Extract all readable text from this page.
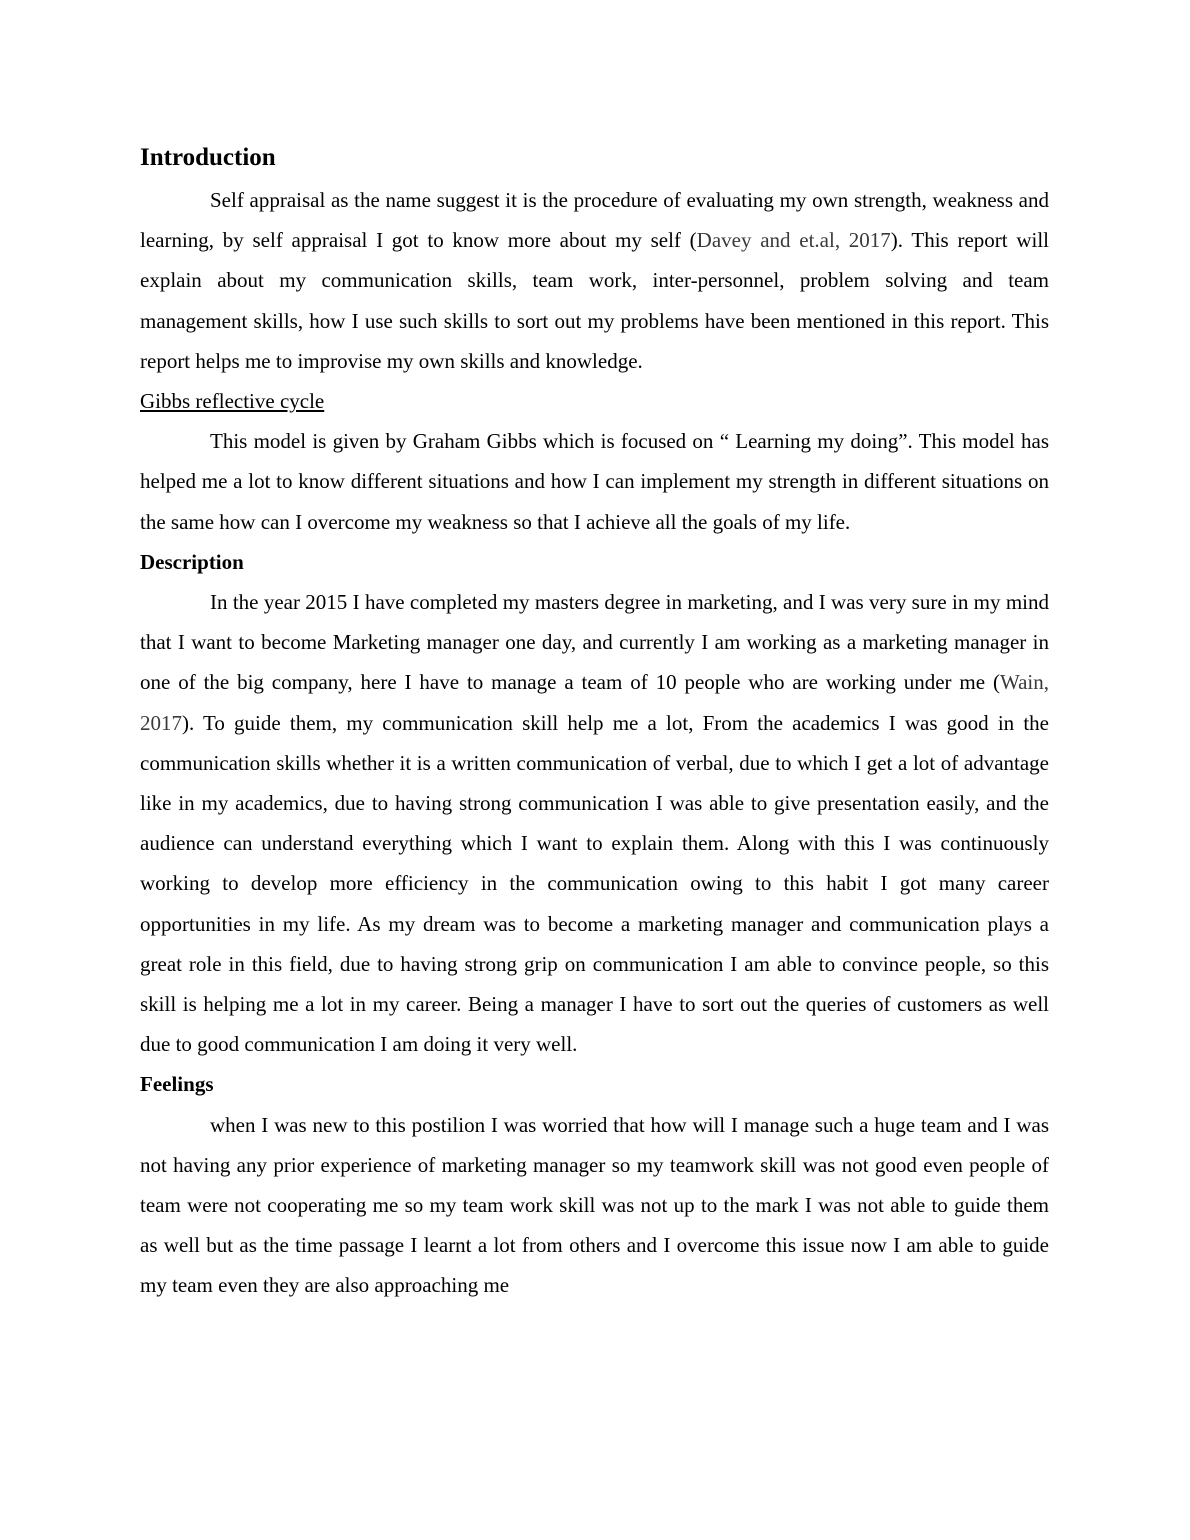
Introduction

Self appraisal as the name suggest it is the procedure of evaluating my own strength, weakness and learning, by self appraisal I got to know more about my self (Davey and et.al, 2017). This report will explain about my communication skills, team work, inter-personnel, problem solving and team management skills, how I use such skills to sort out my problems have been mentioned in this report. This report helps me to improvise my own skills and knowledge.

Gibbs reflective cycle

This model is given by Graham Gibbs which is focused on “ Learning my doing”. This model has helped me a lot to know different situations and how I can implement my strength in different situations on the same how can I overcome my weakness so that I achieve all the goals of my life.

Description

In the year 2015 I have completed my masters degree in marketing, and I was very sure in my mind that I want to become Marketing manager one day, and currently I am working as a marketing manager in one of the big company, here I have to manage a team of 10 people who are working under me (Wain, 2017). To guide them, my communication skill help me a lot, From the academics I was good in the communication skills whether it is a written communication of verbal, due to which I get a lot of advantage like in my academics, due to having strong communication I was able to give presentation easily, and the audience can understand everything which I want to explain them. Along with this I was continuously working to develop more efficiency in the communication owing to this habit I got many career opportunities in my life. As my dream was to become a marketing manager and communication plays a great role in this field, due to having strong grip on communication I am able to convince people, so this skill is helping me a lot in my career. Being a manager I have to sort out the queries of customers as well due to good communication I am doing it very well.

Feelings

when I was new to this postilion I was worried that how will I manage such a huge team and I was not having any prior experience of marketing manager so my teamwork skill was not good even people of team were not cooperating me so my team work skill was not up to the mark I was not able to guide them as well but as the time passage I learnt a lot from others and I overcome this issue now I am able to guide my team even they are also approaching me
